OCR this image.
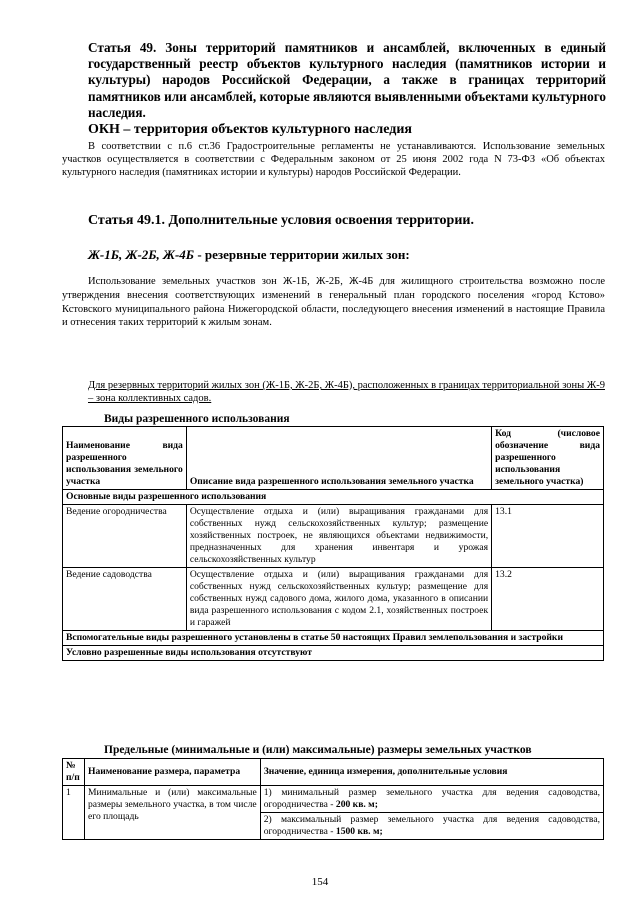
Статья 49. Зоны территорий памятников и ансамблей, включенных в единый государственный реестр объектов культурного наследия (памятников истории и культуры) народов Российской Федерации, а также в границах территорий памятников или ансамблей, которые являются выявленными объектами культурного наследия.
ОКН – территория объектов культурного наследия
В соответствии с п.6 ст.36 Градостроительные регламенты не устанавливаются. Использование земельных участков осуществляется в соответствии с Федеральным законом от 25 июня 2002 года N 73-ФЗ «Об объектах культурного наследия (памятниках истории и культуры) народов Российской Федерации.
Статья 49.1. Дополнительные условия освоения территории.
Ж-1Б, Ж-2Б, Ж-4Б - резервные территории жилых зон:
Использование земельных участков зон Ж-1Б, Ж-2Б, Ж-4Б для жилищного строительства возможно после утверждения внесения соответствующих изменений в генеральный план городского поселения «город Кстово» Кстовского муниципального района Нижегородской области, последующего внесения изменений в настоящие Правила и отнесения таких территорий к жилым зонам.
Для резервных территорий жилых зон (Ж-1Б, Ж-2Б, Ж-4Б), расположенных в границах территориальной зоны Ж-9 – зона коллективных садов.
Виды разрешенного использования
Наименование вида разрешенного использования земельного участка	Описание вида разрешенного использования земельного участка	Код (числовое обозначение вида разрешенного использования земельного участка)
Основные виды разрешенного использования		
Ведение огородничества	Осуществление отдыха и (или) выращивания гражданами для собственных нужд сельскохозяйственных культур; размещение хозяйственных построек, не являющихся объектами недвижимости, предназначенных для хранения инвентаря и урожая сельскохозяйственных культур	13.1
Ведение садоводства	Осуществление отдыха и (или) выращивания гражданами для собственных нужд сельскохозяйственных культур; размещение для собственных нужд садового дома, жилого дома, указанного в описании вида разрешенного использования с кодом 2.1, хозяйственных построек и гаражей	13.2
Вспомогательные виды разрешенного установлены в статье 50 настоящих Правил землепользования и застройки		
Условно разрешенные виды использования отсутствуют		
Предельные (минимальные и (или) максимальные) размеры земельных участков
№ п/п	Наименование размера, параметра	Значение, единица измерения, дополнительные условия
1	Минимальные и (или) максимальные размеры земельного участка, в том числе его площадь	1) минимальный размер земельного участка для ведения садоводства, огородничества - 200 кв. м;
2) максимальный размер земельного участка для ведения садоводства, огородничества - 1500 кв. м;
154
